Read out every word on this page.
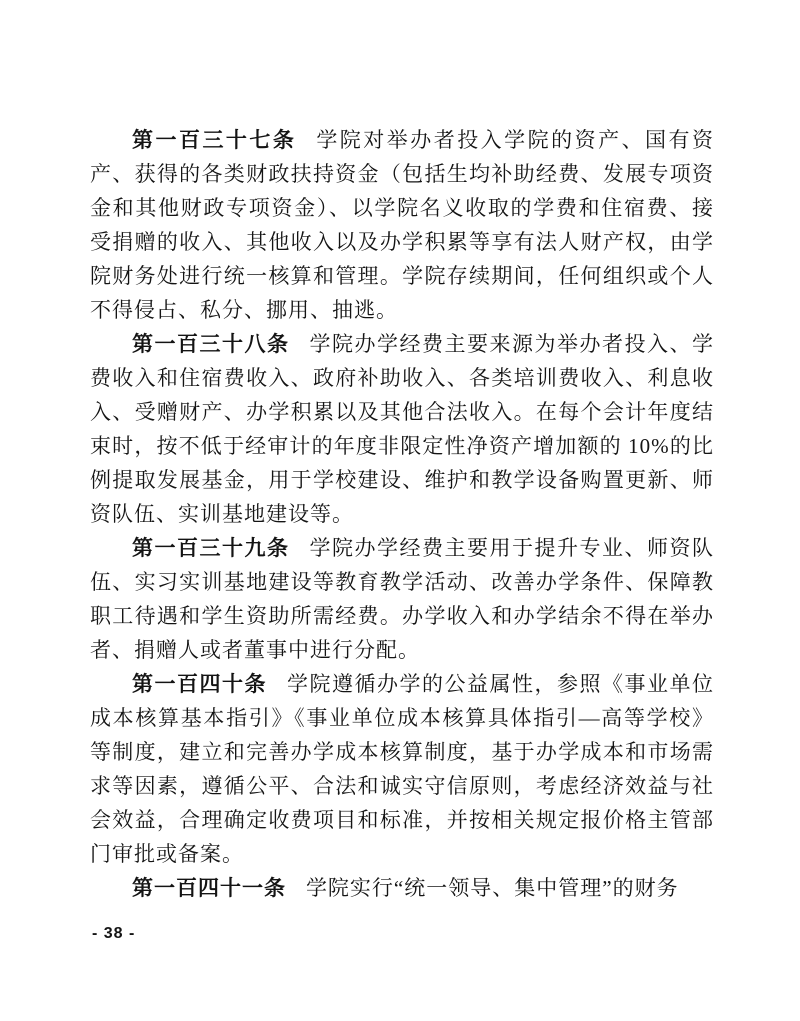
第一百三十七条 学院对举办者投入学院的资产、国有资产、获得的各类财政扶持资金（包括生均补助经费、发展专项资金和其他财政专项资金）、以学院名义收取的学费和住宿费、接受捐赠的收入、其他收入以及办学积累等享有法人财产权，由学院财务处进行统一核算和管理。学院存续期间，任何组织或个人不得侵占、私分、挪用、抽逃。

第一百三十八条 学院办学经费主要来源为举办者投入、学费收入和住宿费收入、政府补助收入、各类培训费收入、利息收入、受赠财产、办学积累以及其他合法收入。在每个会计年度结束时，按不低于经审计的年度非限定性净资产增加额的 10%的比例提取发展基金，用于学校建设、维护和教学设备购置更新、师资队伍、实训基地建设等。

第一百三十九条 学院办学经费主要用于提升专业、师资队伍、实习实训基地建设等教育教学活动、改善办学条件、保障教职工待遇和学生资助所需经费。办学收入和办学结余不得在举办者、捐赠人或者董事中进行分配。

第一百四十条 学院遵循办学的公益属性，参照《事业单位成本核算基本指引》《事业单位成本核算具体指引—高等学校》等制度，建立和完善办学成本核算制度，基于办学成本和市场需求等因素，遵循公平、合法和诚实守信原则，考虑经济效益与社会效益，合理确定收费项目和标准，并按相关规定报价格主管部门审批或备案。

第一百四十一条 学院实行“统一领导、集中管理”的财务

- 38 -
